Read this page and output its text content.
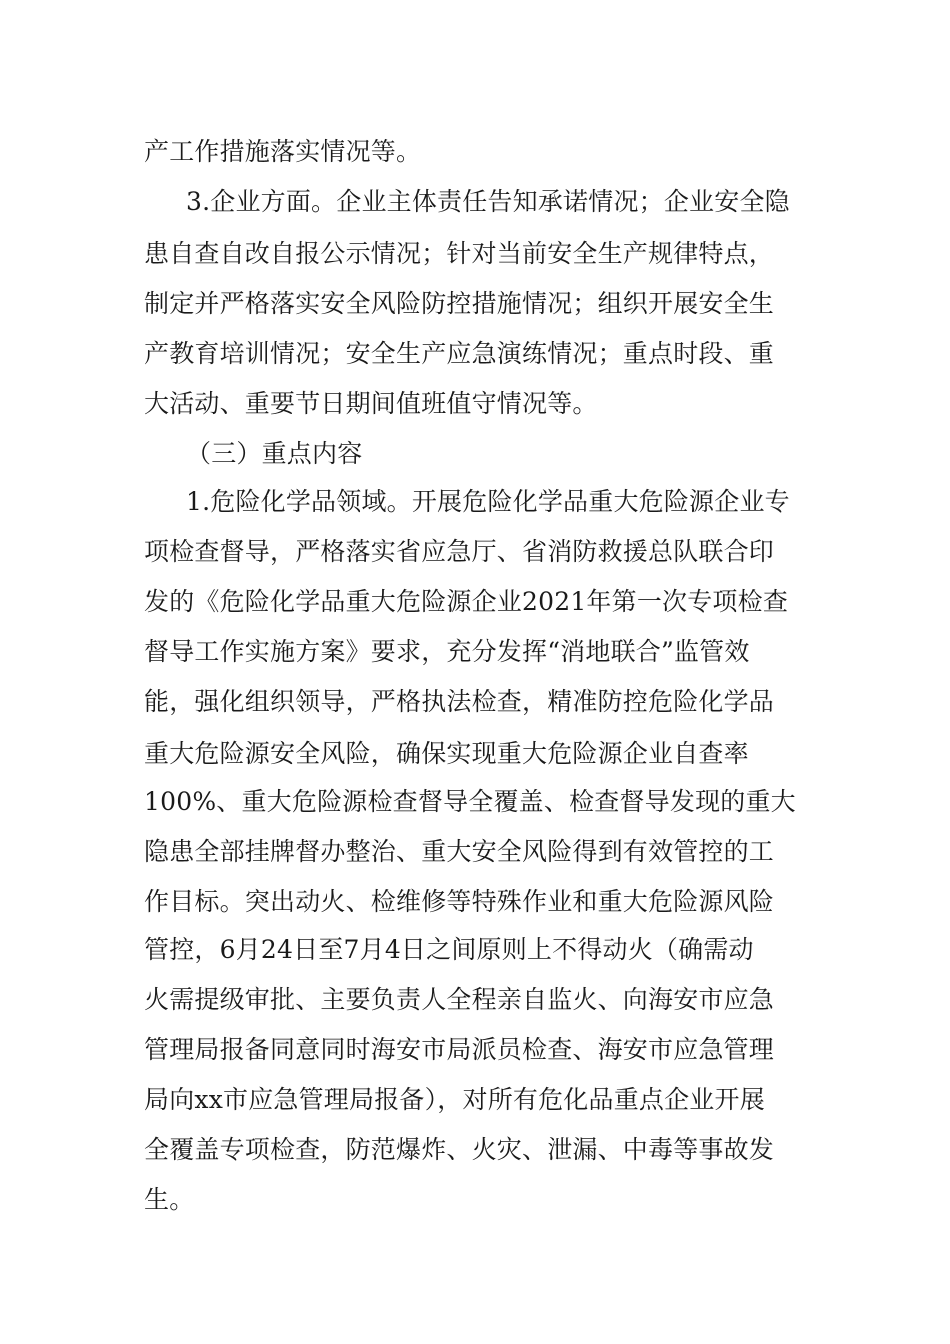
产工作措施落实情况等。
3.企业方面。企业主体责任告知承诺情况；企业安全隐
患自查自改自报公示情况；针对当前安全生产规律特点，
制定并严格落实安全风险防控措施情况；组织开展安全生
产教育培训情况；安全生产应急演练情况；重点时段、重
大活动、重要节日期间值班值守情况等。
（三）重点内容
1.危险化学品领域。开展危险化学品重大危险源企业专
项检查督导，严格落实省应急厅、省消防救援总队联合印
发的《危险化学品重大危险源企业2021年第一次专项检查
督导工作实施方案》要求，充分发挥“消地联合”监管效
能，强化组织领导，严格执法检查，精准防控危险化学品
重大危险源安全风险，确保实现重大危险源企业自查率
100%、重大危险源检查督导全覆盖、检查督导发现的重大
隐患全部挂牌督办整治、重大安全风险得到有效管控的工
作目标。突出动火、检维修等特殊作业和重大危险源风险
管控，6月24日至7月4日之间原则上不得动火（确需动
火需提级审批、主要负责人全程亲自监火、向海安市应急
管理局报备同意同时海安市局派员检查、海安市应急管理
局向xx市应急管理局报备），对所有危化品重点企业开展
全覆盖专项检查，防范爆炸、火灾、泄漏、中毒等事故发
生。
